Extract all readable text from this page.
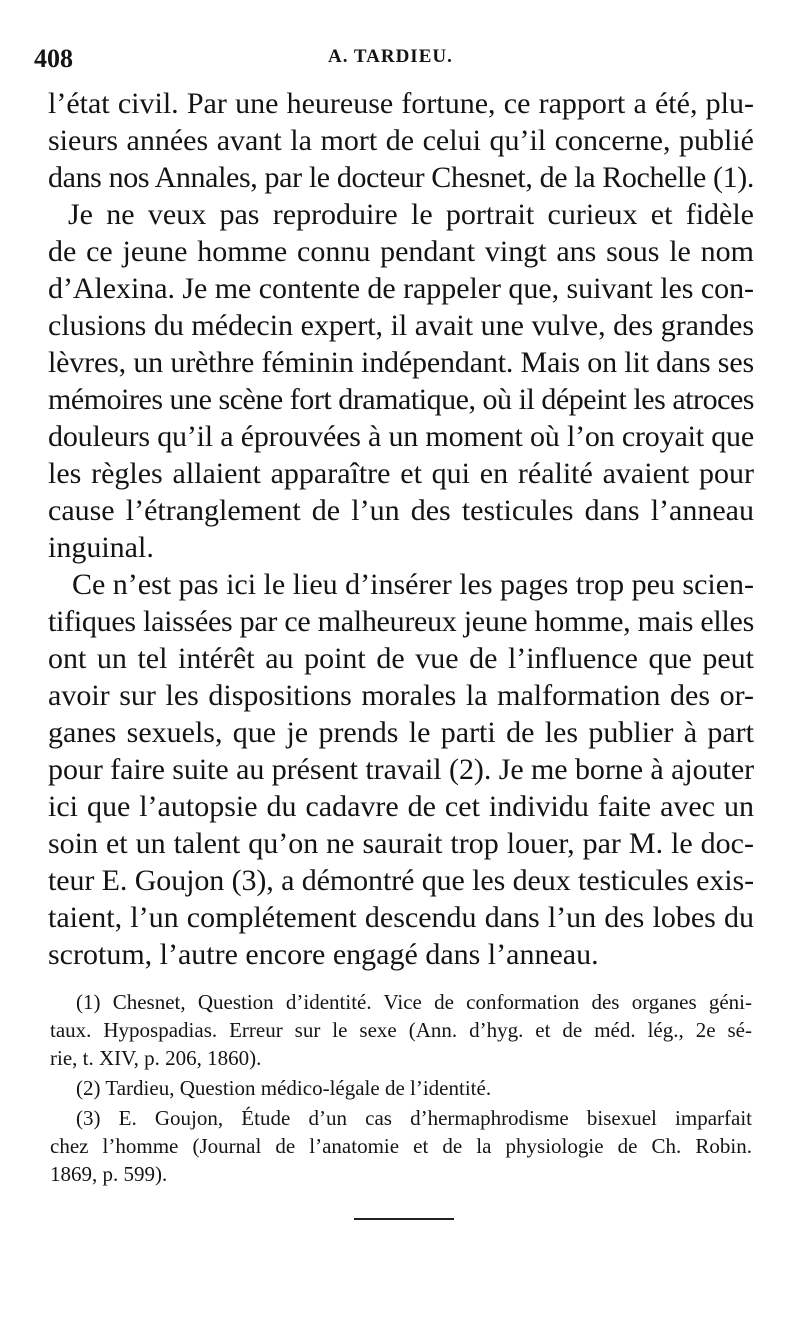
408	A. TARDIEU.
l’état civil. Par une heureuse fortune, ce rapport a été, plu-
sieurs années avant la mort de celui qu’il concerne, publié
dans nos Annales, par le docteur Chesnet, de la Rochelle (1).
Je ne veux pas reproduire le portrait curieux et fidèle
de ce jeune homme connu pendant vingt ans sous le nom
d’Alexina. Je me contente de rappeler que, suivant les con-
clusions du médecin expert, il avait une vulve, des grandes
lèvres, un urèthre féminin indépendant. Mais on lit dans ses
mémoires une scène fort dramatique, où il dépeint les atroces
douleurs qu’il a éprouvées à un moment où l’on croyait que
les règles allaient apparaître et qui en réalité avaient pour
cause l’étranglement de l’un des testicules dans l’anneau
inguinal.
Ce n’est pas ici le lieu d’insérer les pages trop peu scien-
tifiques laissées par ce malheureux jeune homme, mais elles
ont un tel intérêt au point de vue de l’influence que peut
avoir sur les dispositions morales la malformation des or-
ganes sexuels, que je prends le parti de les publier à part
pour faire suite au présent travail (2). Je me borne à ajouter
ici que l’autopsie du cadavre de cet individu faite avec un
soin et un talent qu’on ne saurait trop louer, par M. le doc-
teur E. Goujon (3), a démontré que les deux testicules exis-
taient, l’un complétement descendu dans l’un des lobes du
scrotum, l’autre encore engagé dans l’anneau.
(1) Chesnet, Question d’identité. Vice de conformation des organes géni-
taux. Hypospadias. Erreur sur le sexe (Ann. d’hyg. et de méd. lég., 2e sé-
rie, t. XIV, p. 206, 1860).
(2) Tardieu, Question médico-légale de l’identité.
(3) E. Goujon, Étude d’un cas d’hermaphrodisme bisexuel imparfait
chez l’homme (Journal de l’anatomie et de la physiologie de Ch. Robin.
1869, p. 599).
